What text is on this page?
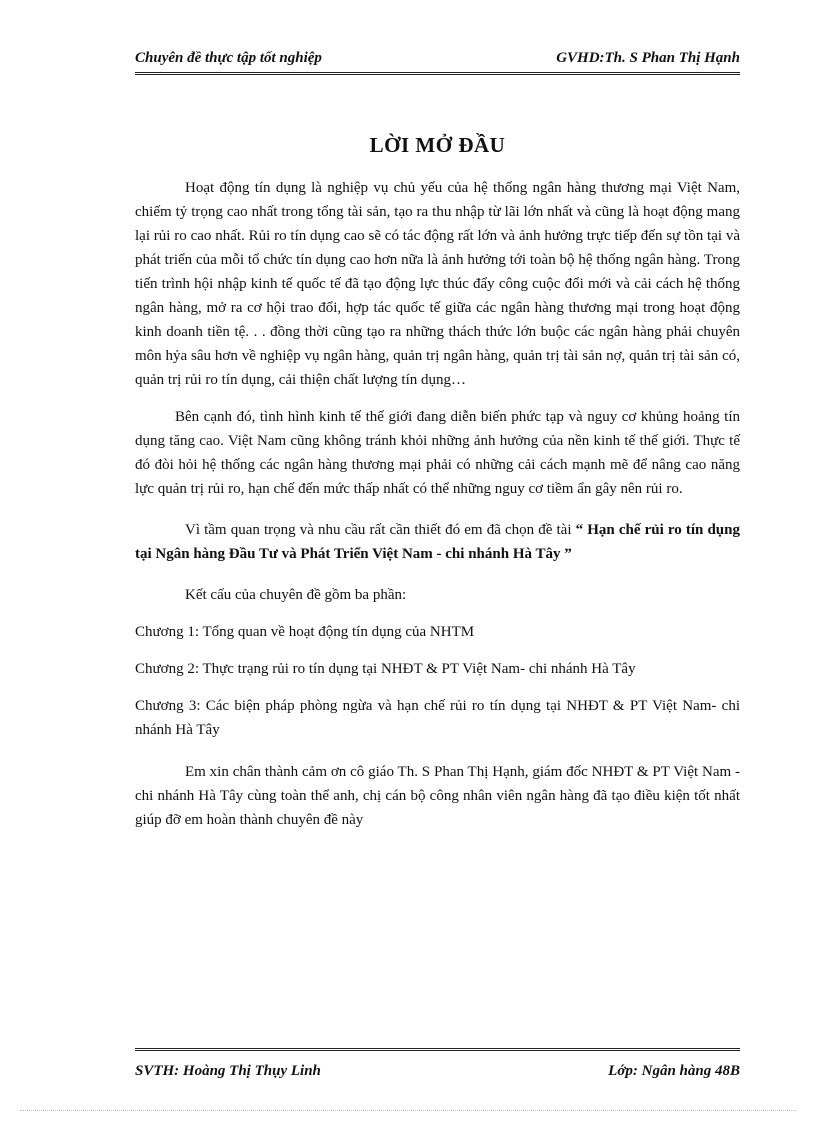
Chuyên đề thực tập tốt nghiệp	GVHD:Th. S Phan Thị Hạnh
LỜI MỞ ĐẦU

Hoạt động tín dụng là nghiệp vụ chủ yếu của hệ thống ngân hàng thương mại Việt Nam, chiếm tỷ trọng cao nhất trong tổng tài sản, tạo ra thu nhập từ lãi lớn nhất và cũng là hoạt động mang lại rủi ro cao nhất. Rủi ro tín dụng cao sẽ có tác động rất lớn và ảnh hưởng trực tiếp đến sự tồn tại và phát triển của mỗi tổ chức tín dụng cao hơn nữa là ảnh hưởng tới toàn bộ hệ thống ngân hàng. Trong tiến trình hội nhập kinh tế quốc tế đã tạo động lực thúc đẩy công cuộc đổi mới và cải cách hệ thống ngân hàng, mở ra cơ hội trao đổi, hợp tác quốc tế giữa các ngân hàng thương mại trong hoạt động kinh doanh tiền tệ. . . đồng thời cũng tạo ra những thách thức lớn buộc các ngân hàng phải chuyên môn hỷa sâu hơn về nghiệp vụ ngân hàng, quản trị ngân hàng, quản trị tài sản nợ, quản trị tài sản có, quản trị rủi ro tín dụng, cải thiện chất lượng tín dụng…

Bên cạnh đó, tình hình kinh tế thế giới đang diễn biến phức tạp và nguy cơ khủng hoảng tín dụng tăng cao. Việt Nam cũng không tránh khỏi những ảnh hưởng của nền kinh tế thế giới. Thực tế đó đòi hỏi hệ thống các ngân hàng thương mại phải có những cải cách mạnh mẽ để nâng cao năng lực quản trị rủi ro, hạn chế đến mức thấp nhất có thể những nguy cơ tiềm ẩn gây nên rủi ro.

Vì tầm quan trọng và nhu cầu rất cần thiết đó em đã chọn đề tài “ Hạn chế rủi ro tín dụng tại Ngân hàng Đầu Tư và Phát Triển Việt Nam - chi nhánh Hà Tây ”

Kết cấu của chuyên đề gồm ba phần:

Chương 1: Tổng quan về hoạt động tín dụng của NHTM

Chương 2: Thực trạng rủi ro tín dụng tại NHĐT & PT Việt Nam- chi nhánh Hà Tây

Chương 3: Các biện pháp phòng ngừa và hạn chế rủi ro tín dụng tại NHĐT & PT Việt Nam- chi nhánh Hà Tây

Em xin chân thành cảm ơn cô giáo Th. S Phan Thị Hạnh, giám đốc NHĐT & PT Việt Nam - chi nhánh Hà Tây cùng toàn thể anh, chị cán bộ công nhân viên ngân hàng đã tạo điều kiện tốt nhất giúp đỡ em hoàn thành chuyên đề này

SVTH: Hoàng Thị Thụy Linh	Lớp: Ngân hàng 48B
